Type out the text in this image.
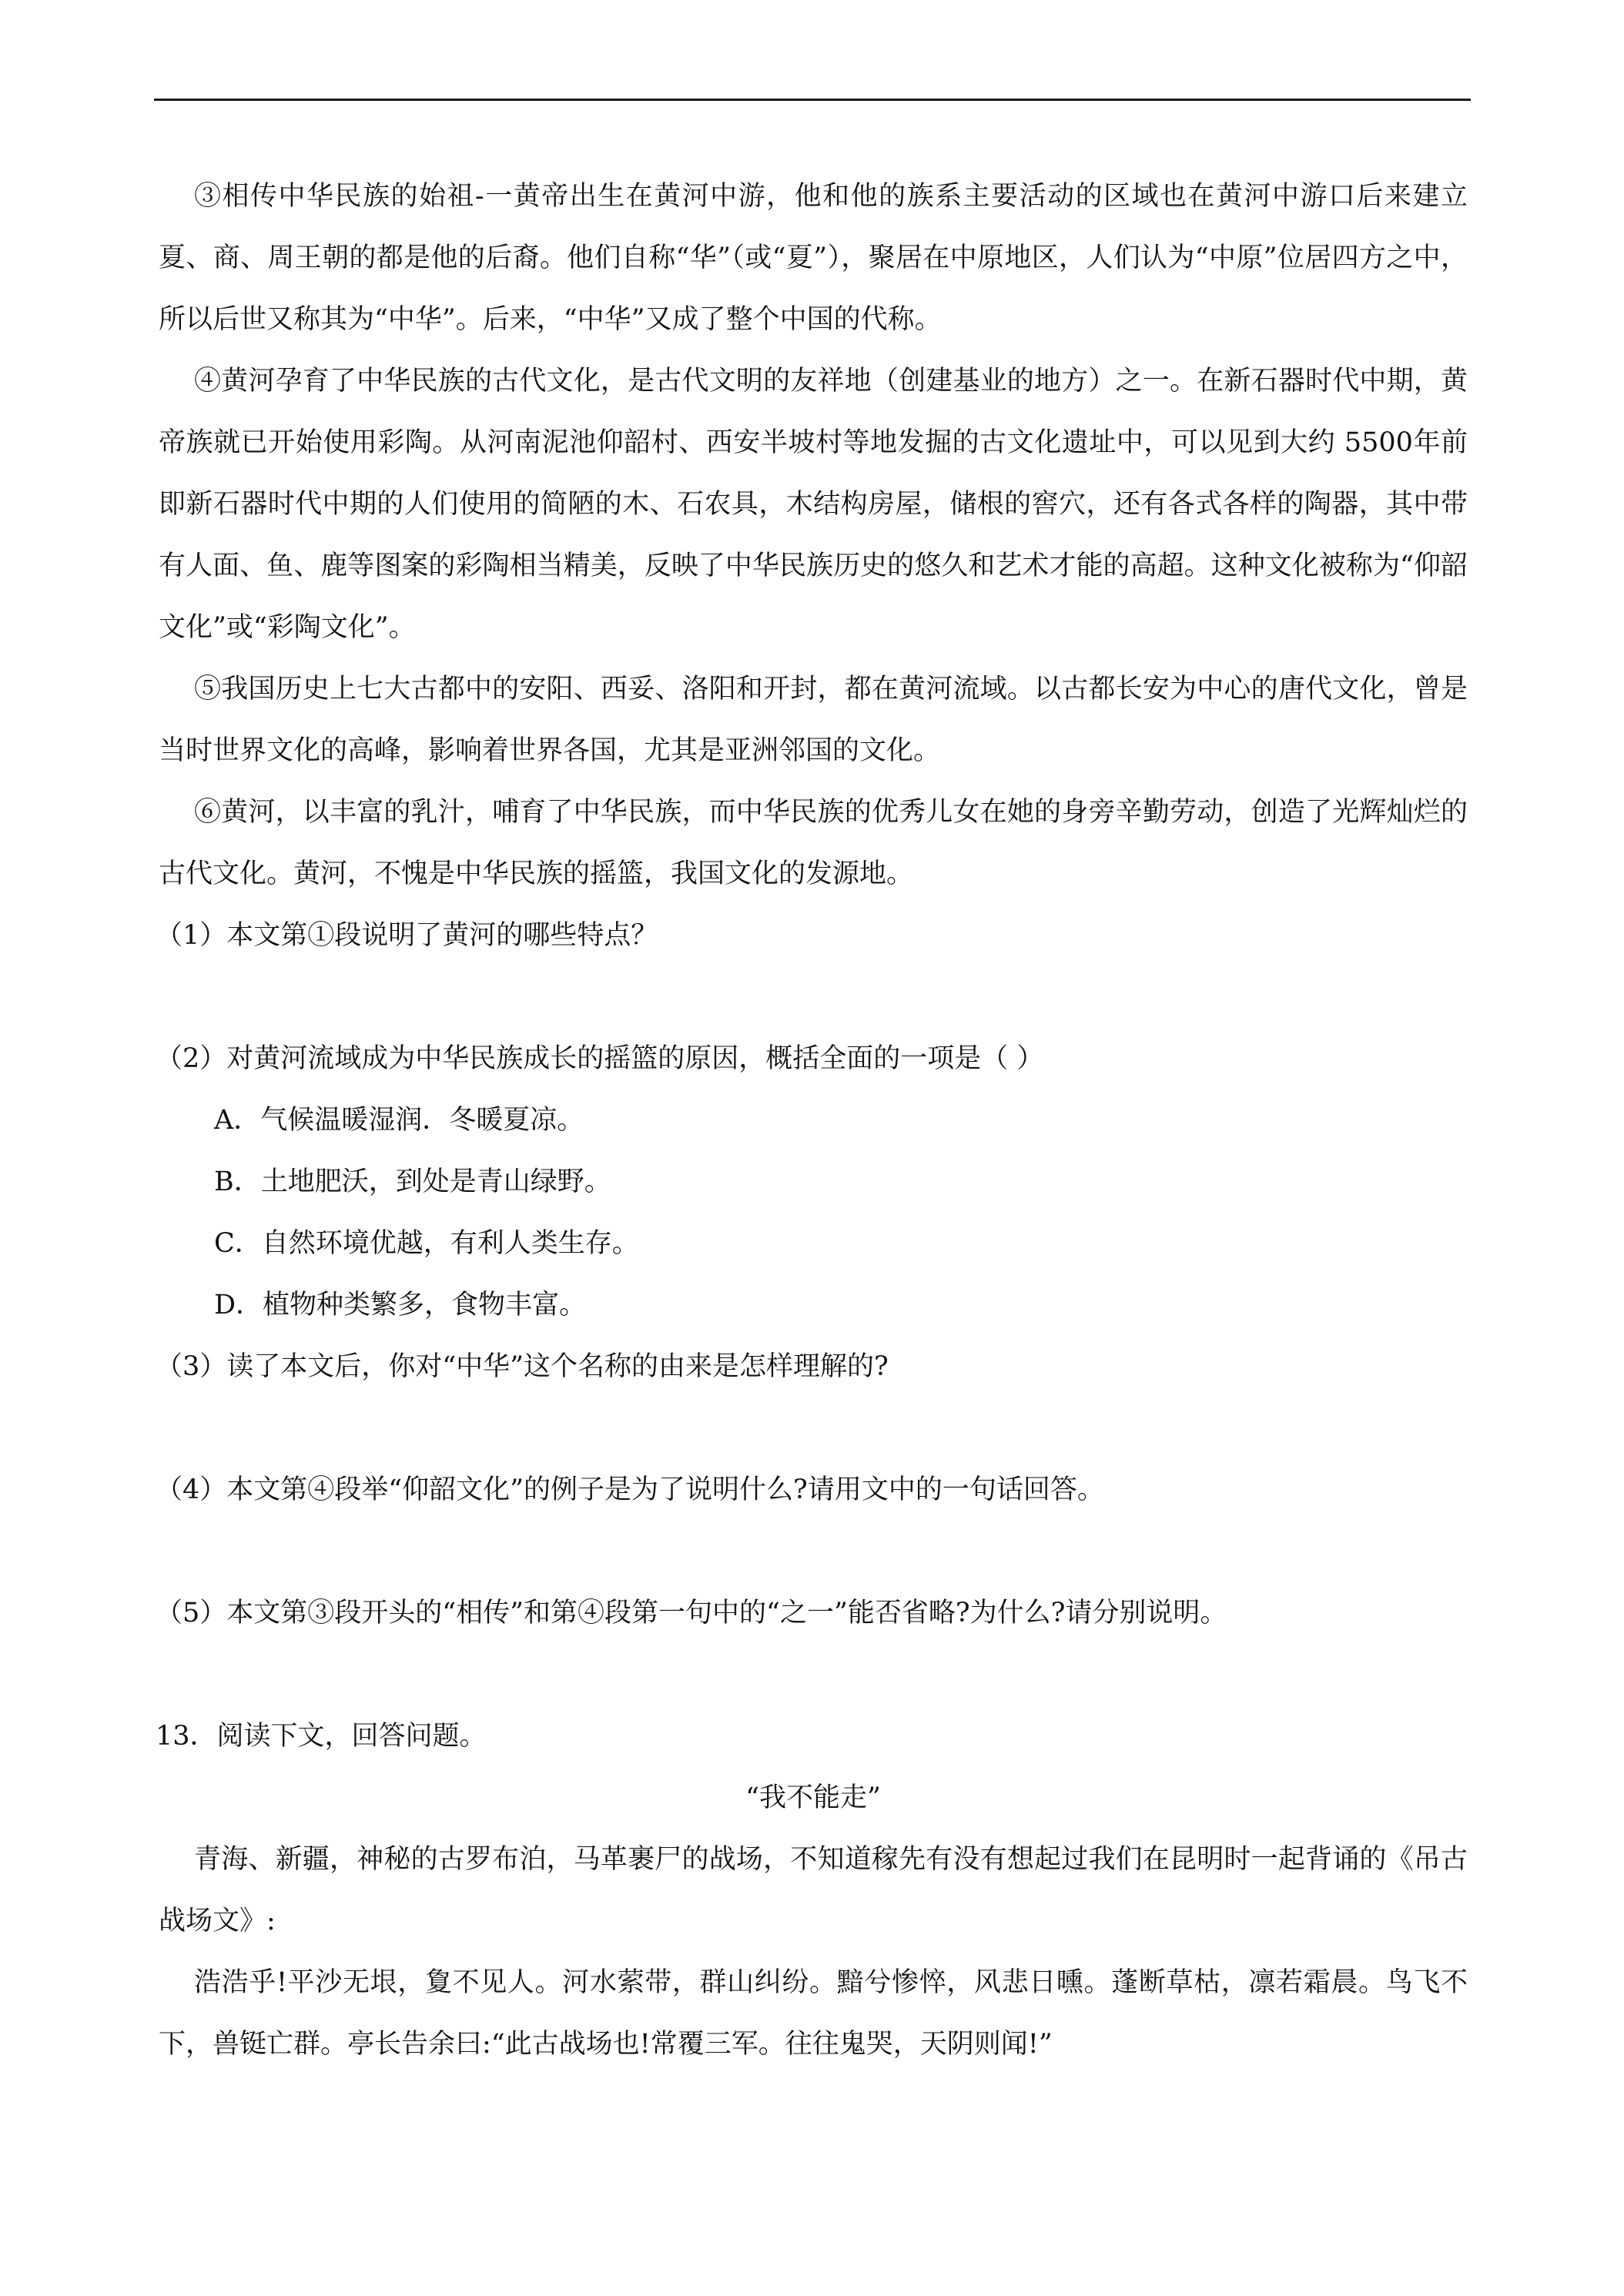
③相传中华民族的始祖-一黄帝出生在黄河中游，他和他的族系主要活动的区域也在黄河中游口后来建立夏、商、周王朝的都是他的后裔。他们自称“华”（或“夏”），聚居在中原地区，人们认为“中原”位居四方之中，所以后世又称其为“中华”。后来，“中华”又成了整个中国的代称。

④黄河孕育了中华民族的古代文化，是古代文明的友祥地（创建基业的地方）之一。在新石器时代中期，黄帝族就已开始使用彩陶。从河南泥池仰韶村、西安半坡村等地发掘的古文化遗址中，可以见到大约 5500年前即新石器时代中期的人们使用的简陋的木、石农具，木结构房屋，储根的窖穴，还有各式各样的陶器，其中带有人面、鱼、鹿等图案的彩陶相当精美，反映了中华民族历史的悠久和艺术才能的高超。这种文化被称为“仰韶文化”或“彩陶文化”。

⑤我国历史上七大古都中的安阳、西妥、洛阳和开封，都在黄河流域。以古都长安为中心的唐代文化，曾是当时世界文化的高峰，影响着世界各国，尤其是亚洲邻国的文化。

⑥黄河，以丰富的乳汁，哺育了中华民族，而中华民族的优秀儿女在她的身旁辛勤劳动，创造了光辉灿烂的古代文化。黄河，不愧是中华民族的摇篮，我国文化的发源地。

（1）本文第①段说明了黄河的哪些特点？

（2）对黄河流域成为中华民族成长的摇篮的原因，概括全面的一项是（ ）

A．气候温暖湿润．冬暖夏凉。

B．土地肥沃，到处是青山绿野。

C．自然环境优越，有利人类生存。

D．植物种类繁多，食物丰富。

（3）读了本文后，你对“中华”这个名称的由来是怎样理解的?

（4）本文第④段举“仰韶文化”的例子是为了说明什么?请用文中的一句话回答。

（5）本文第③段开头的“相传”和第④段第一句中的“之一”能否省略?为什么?请分别说明。

13．阅读下文，回答问题。

“我不能走”

青海、新疆，神秘的古罗布泊，马革裹尸的战场，不知道稼先有没有想起过我们在昆明时一起背诵的《吊古战场文》:

浩浩乎!平沙无垠，夐不见人。河水萦带，群山纠纷。黯兮惨悴，风悲日曛。蓬断草枯，凛若霜晨。鸟飞不下，兽铤亡群。亭长告余曰:“此古战场也!常覆三军。往往鬼哭，天阴则闻!”
